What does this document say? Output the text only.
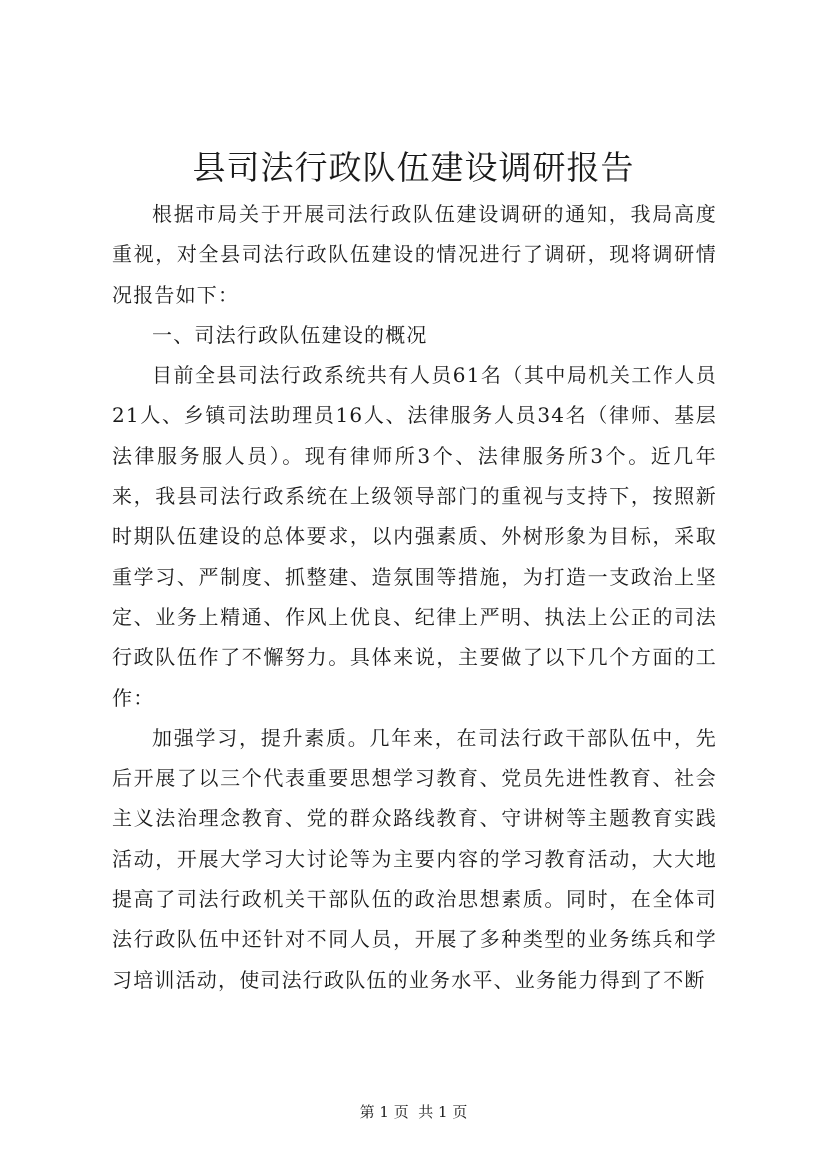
县司法行政队伍建设调研报告

根据市局关于开展司法行政队伍建设调研的通知，我局高度重视，对全县司法行政队伍建设的情况进行了调研，现将调研情况报告如下：

一、司法行政队伍建设的概况

目前全县司法行政系统共有人员61名（其中局机关工作人员21人、乡镇司法助理员16人、法律服务人员34名（律师、基层法律服务服人员）。现有律师所3个、法律服务所3个。近几年来，我县司法行政系统在上级领导部门的重视与支持下，按照新时期队伍建设的总体要求，以内强素质、外树形象为目标，采取重学习、严制度、抓整建、造氛围等措施，为打造一支政治上坚定、业务上精通、作风上优良、纪律上严明、执法上公正的司法行政队伍作了不懈努力。具体来说，主要做了以下几个方面的工作：

加强学习，提升素质。几年来，在司法行政干部队伍中，先后开展了以三个代表重要思想学习教育、党员先进性教育、社会主义法治理念教育、党的群众路线教育、守讲树等主题教育实践活动，开展大学习大讨论等为主要内容的学习教育活动，大大地提高了司法行政机关干部队伍的政治思想素质。同时，在全体司法行政队伍中还针对不同人员，开展了多种类型的业务练兵和学习培训活动，使司法行政队伍的业务水平、业务能力得到了不断

第 1 页  共 1 页
